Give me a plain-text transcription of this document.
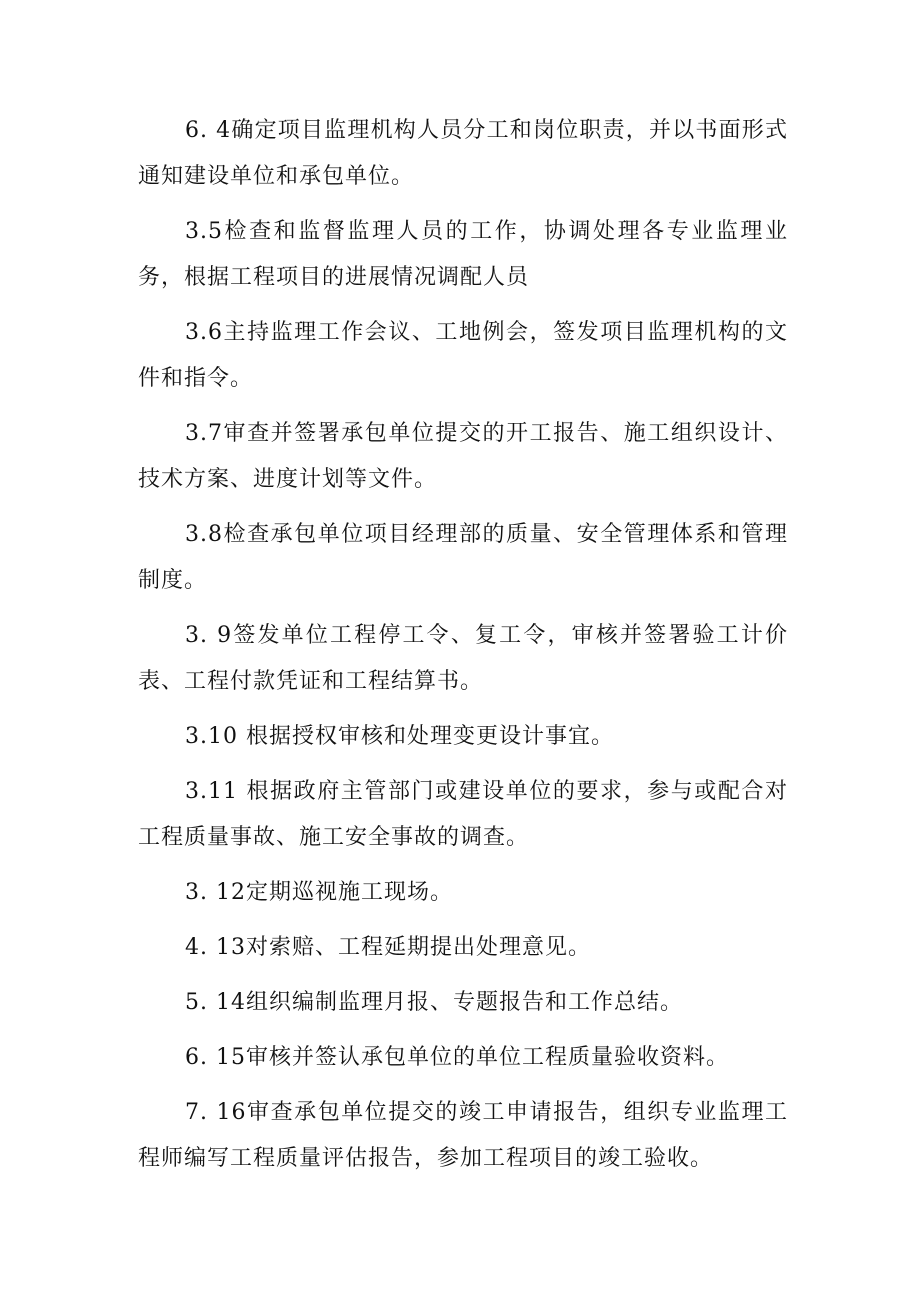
6. 4确定项目监理机构人员分工和岗位职责，并以书面形式通知建设单位和承包单位。

3.5检查和监督监理人员的工作，协调处理各专业监理业务，根据工程项目的进展情况调配人员

3.6主持监理工作会议、工地例会，签发项目监理机构的文件和指令。

3.7审查并签署承包单位提交的开工报告、施工组织设计、技术方案、进度计划等文件。

3.8检查承包单位项目经理部的质量、安全管理体系和管理制度。

3. 9签发单位工程停工令、复工令，审核并签署验工计价表、工程付款凭证和工程结算书。

3.10 根据授权审核和处理变更设计事宜。

3.11 根据政府主管部门或建设单位的要求，参与或配合对工程质量事故、施工安全事故的调查。

3. 12定期巡视施工现场。

4. 13对索赔、工程延期提出处理意见。

5. 14组织编制监理月报、专题报告和工作总结。

6. 15审核并签认承包单位的单位工程质量验收资料。

7. 16审查承包单位提交的竣工申请报告，组织专业监理工程师编写工程质量评估报告，参加工程项目的竣工验收。
